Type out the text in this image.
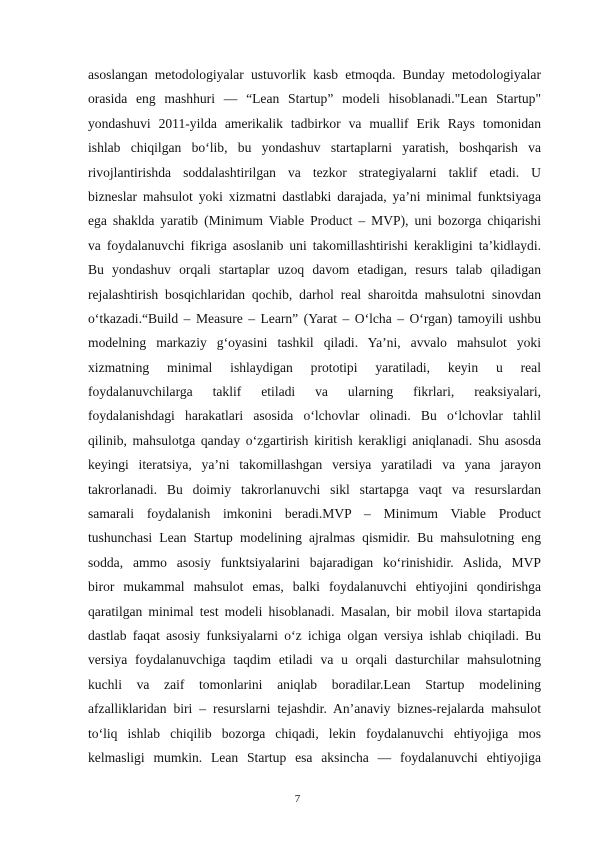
asoslangan metodologiyalar ustuvorlik kasb etmoqda. Bunday metodologiyalar
orasida eng mashhuri — “Lean Startup” modeli hisoblanadi."Lean Startup"
yondashuvi 2011-yilda amerikalik tadbirkor va muallif Erik Rays tomonidan
ishlab chiqilgan bo‘lib, bu yondashuv startaplarni yaratish, boshqarish va
rivojlantirishda soddalashtirilgan va tezkor strategiyalarni taklif etadi. U
bizneslar mahsulot yoki xizmatni dastlabki darajada, ya’ni minimal funktsiyaga
ega shaklda yaratib (Minimum Viable Product – MVP), uni bozorga chiqarishi
va foydalanuvchi fikriga asoslanib uni takomillashtirishi kerakligini ta’kidlaydi.
Bu yondashuv orqali startaplar uzoq davom etadigan, resurs talab qiladigan
rejalashtirish bosqichlaridan qochib, darhol real sharoitda mahsulotni sinovdan
o‘tkazadi.“Build – Measure – Learn” (Yarat – O‘lcha – O‘rgan) tamoyili ushbu
modelning markaziy g‘oyasini tashkil qiladi. Ya’ni, avvalo mahsulot yoki
xizmatning minimal ishlaydigan prototipi yaratiladi, keyin u real
foydalanuvchilarga taklif etiladi va ularning fikrlari, reaksiyalari,
foydalanishdagi harakatlari asosida o‘lchovlar olinadi. Bu o‘lchovlar tahlil
qilinib, mahsulotga qanday o‘zgartirish kiritish kerakligi aniqlanadi. Shu asosda
keyingi iteratsiya, ya’ni takomillashgan versiya yaratiladi va yana jarayon
takrorlanadi. Bu doimiy takrorlanuvchi sikl startapga vaqt va resurslardan
samarali foydalanish imkonini beradi.MVP – Minimum Viable Product
tushunchasi Lean Startup modelining ajralmas qismidir. Bu mahsulotning eng
sodda, ammo asosiy funktsiyalarini bajaradigan ko‘rinishidir. Aslida, MVP
biror mukammal mahsulot emas, balki foydalanuvchi ehtiyojini qondirishga
qaratilgan minimal test modeli hisoblanadi. Masalan, bir mobil ilova startapida
dastlab faqat asosiy funksiyalarni o‘z ichiga olgan versiya ishlab chiqiladi. Bu
versiya foydalanuvchiga taqdim etiladi va u orqali dasturchilar mahsulotning
kuchli va zaif tomonlarini aniqlab boradilar.Lean Startup modelining
afzalliklaridan biri – resurslarni tejashdir. An’anaviy biznes-rejalarda mahsulot
to‘liq ishlab chiqilib bozorga chiqadi, lekin foydalanuvchi ehtiyojiga mos
kelmasligi mumkin. Lean Startup esa aksincha — foydalanuvchi ehtiyojiga
7
